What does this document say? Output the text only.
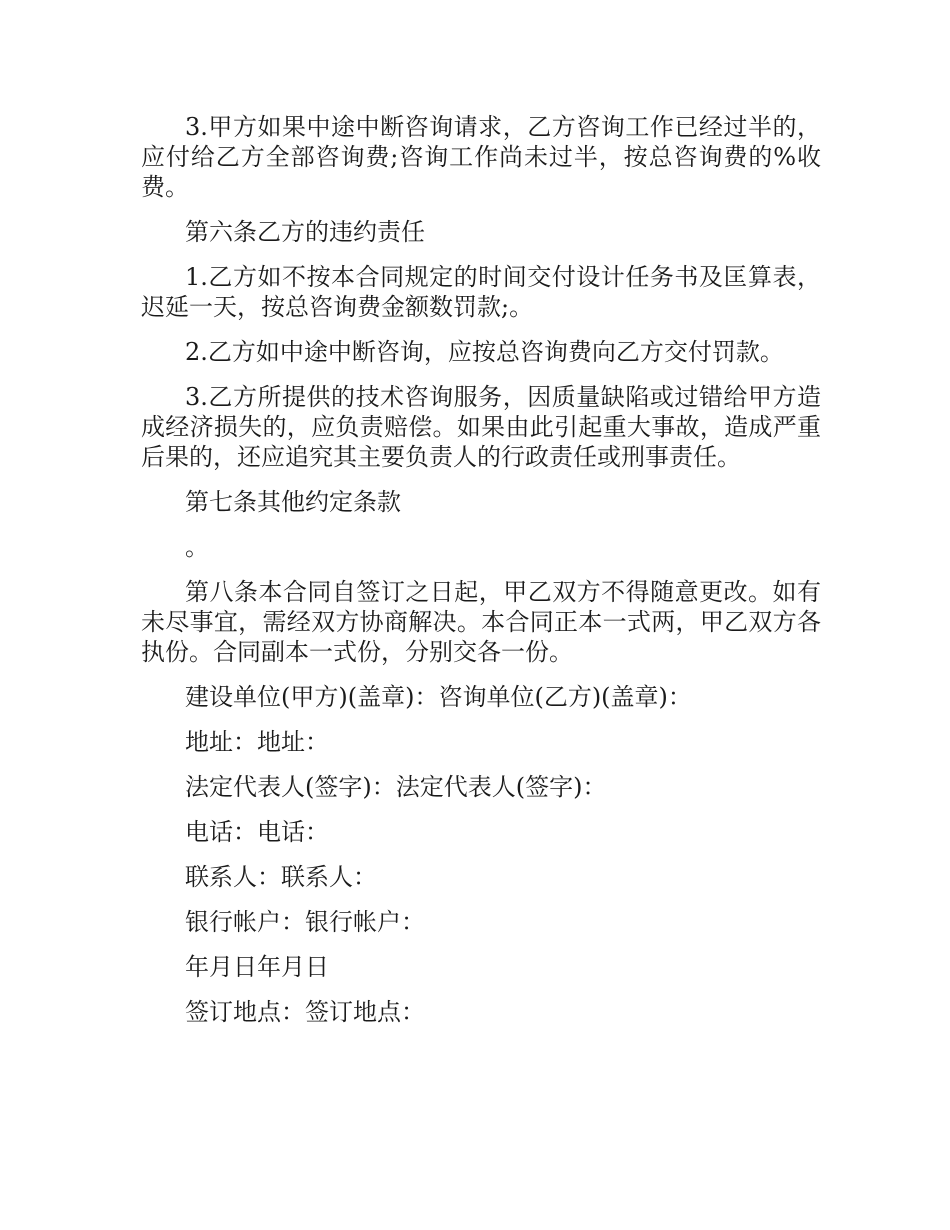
3.甲方如果中途中断咨询请求，乙方咨询工作已经过半的，应付给乙方全部咨询费;咨询工作尚未过半，按总咨询费的%收费。

第六条乙方的违约责任

1.乙方如不按本合同规定的时间交付设计任务书及匡算表，迟延一天，按总咨询费金额数罚款;。

2.乙方如中途中断咨询，应按总咨询费向乙方交付罚款。

3.乙方所提供的技术咨询服务，因质量缺陷或过错给甲方造成经济损失的，应负责赔偿。如果由此引起重大事故，造成严重后果的，还应追究其主要负责人的行政责任或刑事责任。

第七条其他约定条款

。

第八条本合同自签订之日起，甲乙双方不得随意更改。如有未尽事宜，需经双方协商解决。本合同正本一式两，甲乙双方各执份。合同副本一式份，分别交各一份。

建设单位(甲方)(盖章)：咨询单位(乙方)(盖章)：

地址：地址：

法定代表人(签字)：法定代表人(签字)：

电话：电话：

联系人：联系人：

银行帐户：银行帐户：

年月日年月日

签订地点：签订地点：
